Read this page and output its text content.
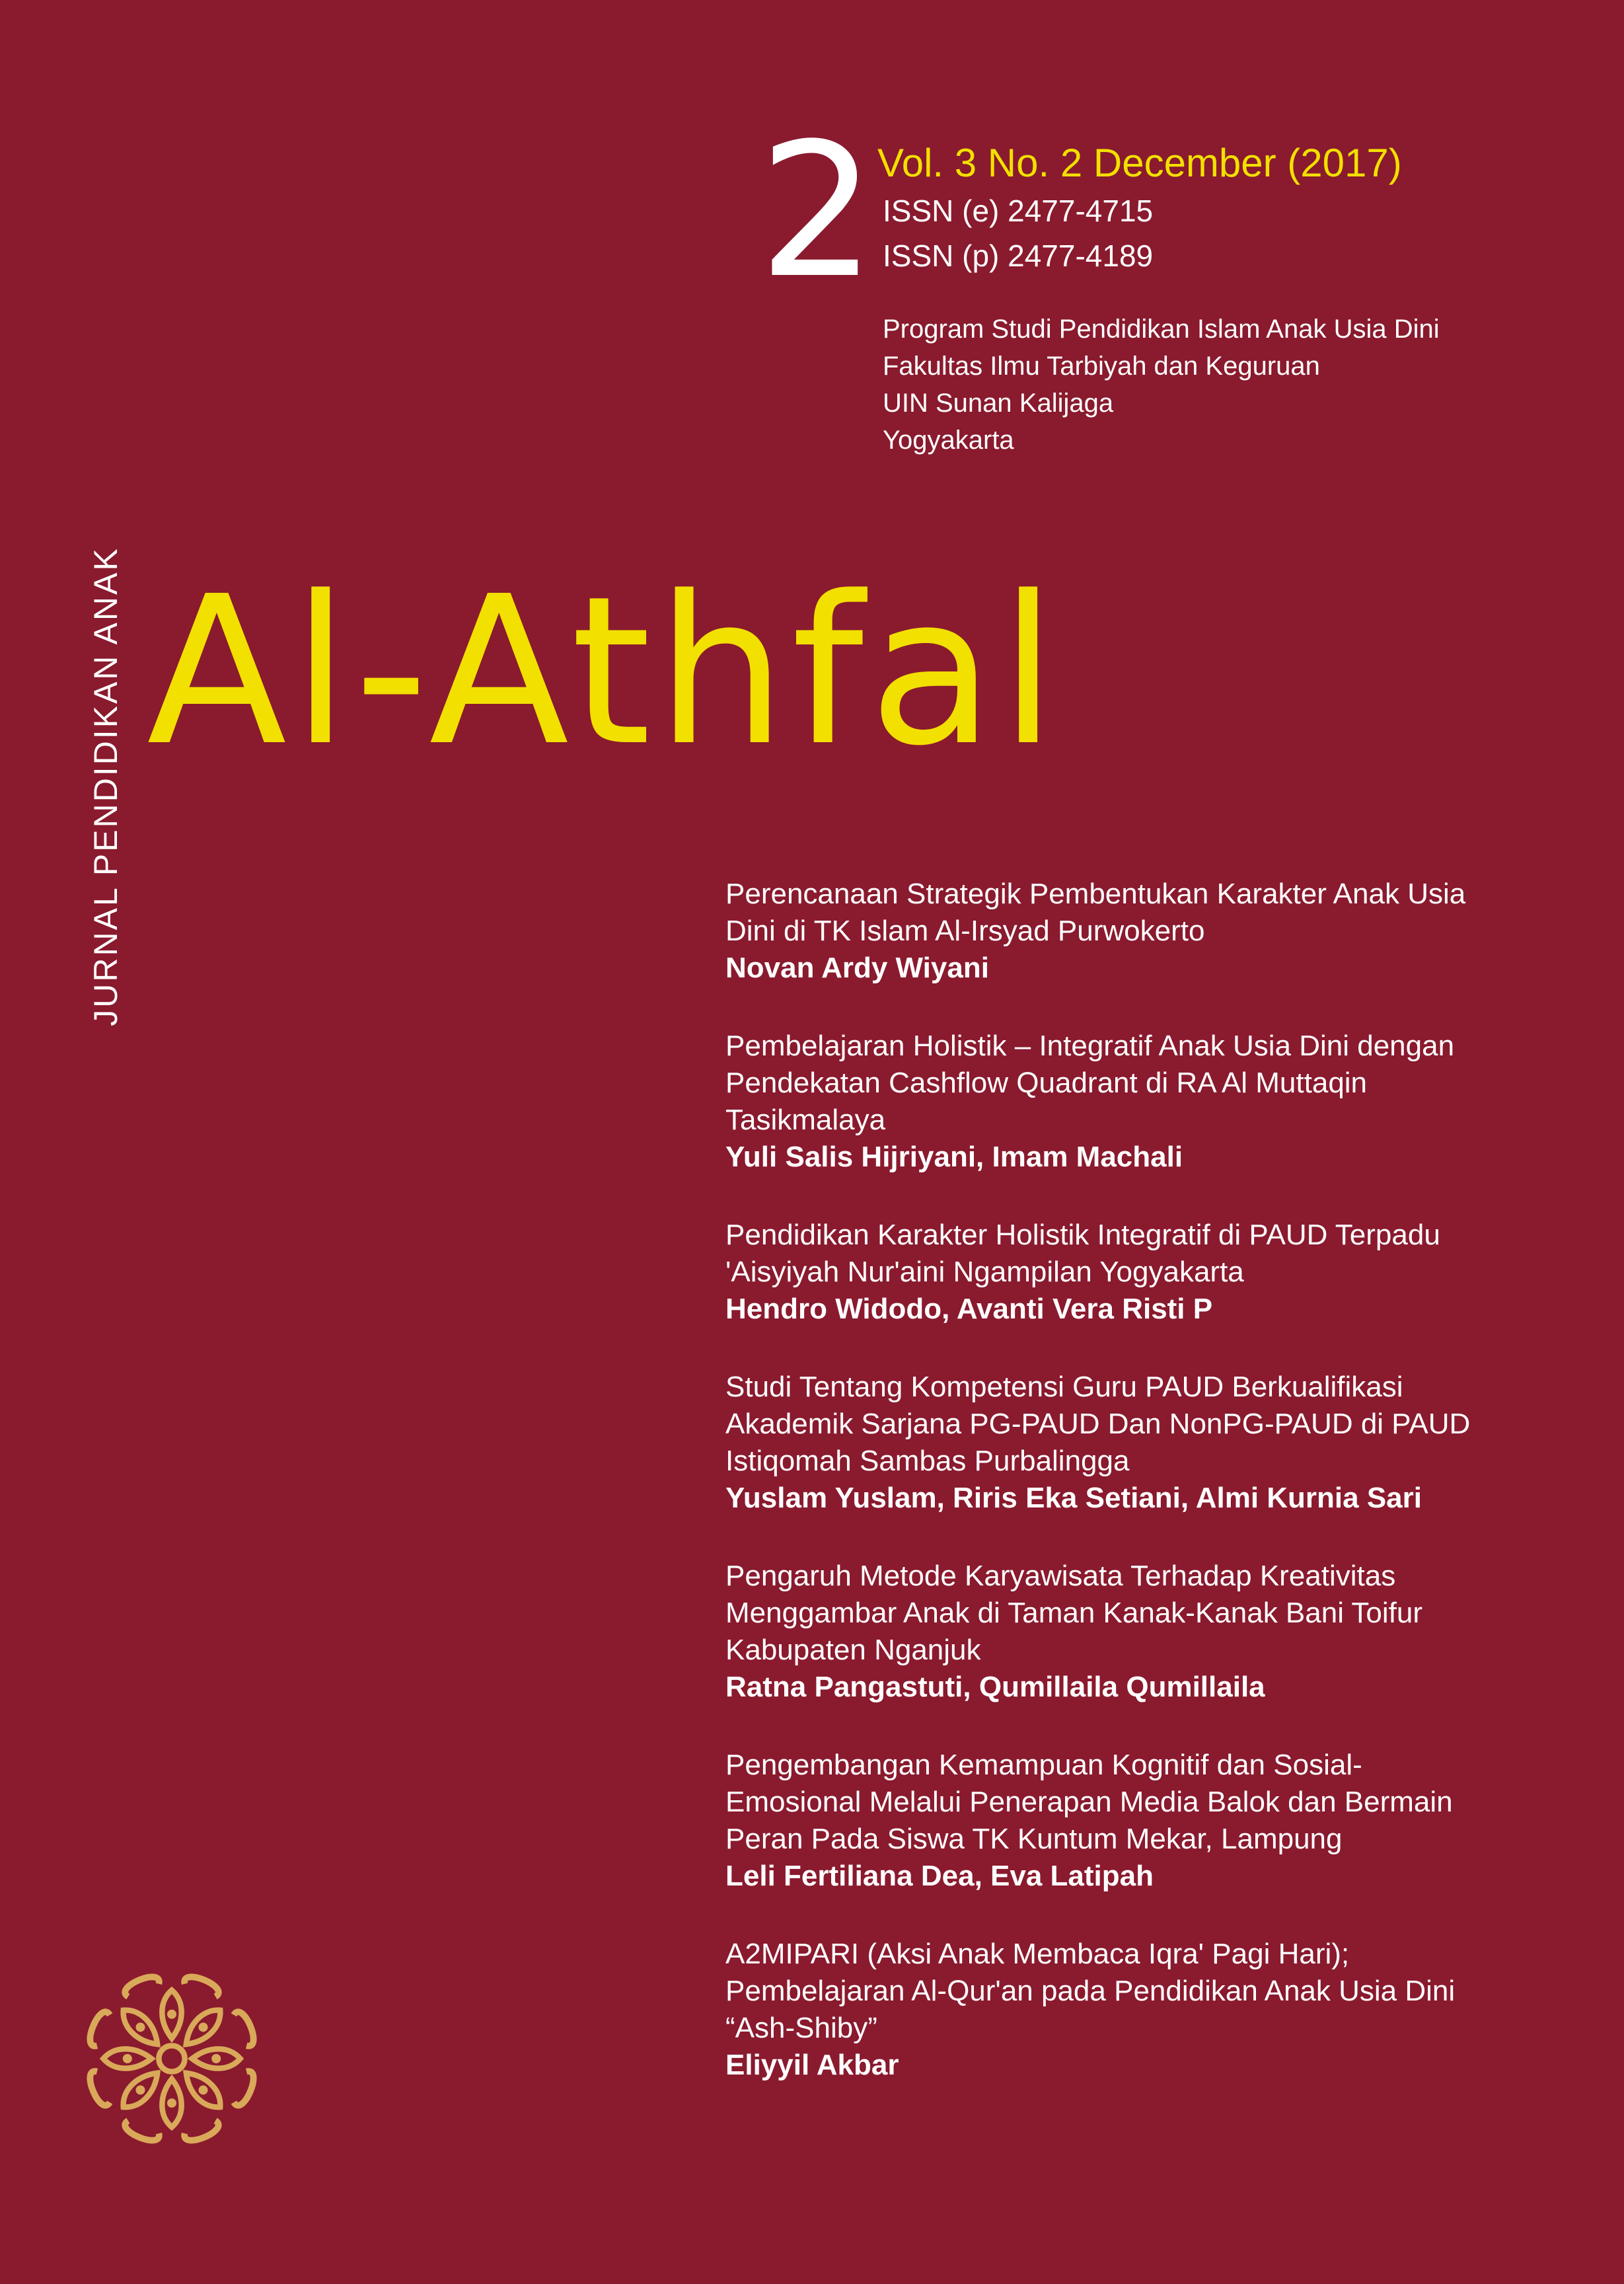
JURNAL PENDIDIKAN ANAK
2 Vol. 3 No. 2 December (2017)
ISSN (e) 2477-4715
ISSN (p) 2477-4189
Program Studi Pendidikan Islam Anak Usia Dini
Fakultas Ilmu Tarbiyah dan Keguruan
UIN Sunan Kalijaga
Yogyakarta
Al-Athfal
Perencanaan Strategik Pembentukan Karakter Anak Usia
Dini di TK Islam Al-Irsyad Purwokerto
Novan Ardy Wiyani
Pembelajaran Holistik – Integratif Anak Usia Dini dengan
Pendekatan Cashflow Quadrant di RA Al Muttaqin
Tasikmalaya
Yuli Salis Hijriyani, Imam Machali
Pendidikan Karakter Holistik Integratif di PAUD Terpadu
'Aisyiyah Nur'aini Ngampilan Yogyakarta
Hendro Widodo, Avanti Vera Risti P
Studi Tentang Kompetensi Guru PAUD Berkualifikasi
Akademik Sarjana PG-PAUD Dan NonPG-PAUD di PAUD
Istiqomah Sambas Purbalingga
Yuslam Yuslam, Riris Eka Setiani, Almi Kurnia Sari
Pengaruh Metode Karyawisata Terhadap Kreativitas
Menggambar Anak di Taman Kanak-Kanak Bani Toifur
Kabupaten Nganjuk
Ratna Pangastuti, Qumillaila Qumillaila
Pengembangan Kemampuan Kognitif dan Sosial-
Emosional Melalui Penerapan Media Balok dan Bermain
Peran Pada Siswa TK Kuntum Mekar, Lampung
Leli Fertiliana Dea, Eva Latipah
A2MIPARI (Aksi Anak Membaca Iqra' Pagi Hari);
Pembelajaran Al-Qur'an pada Pendidikan Anak Usia Dini
“Ash-Shiby”
Eliyyil Akbar
